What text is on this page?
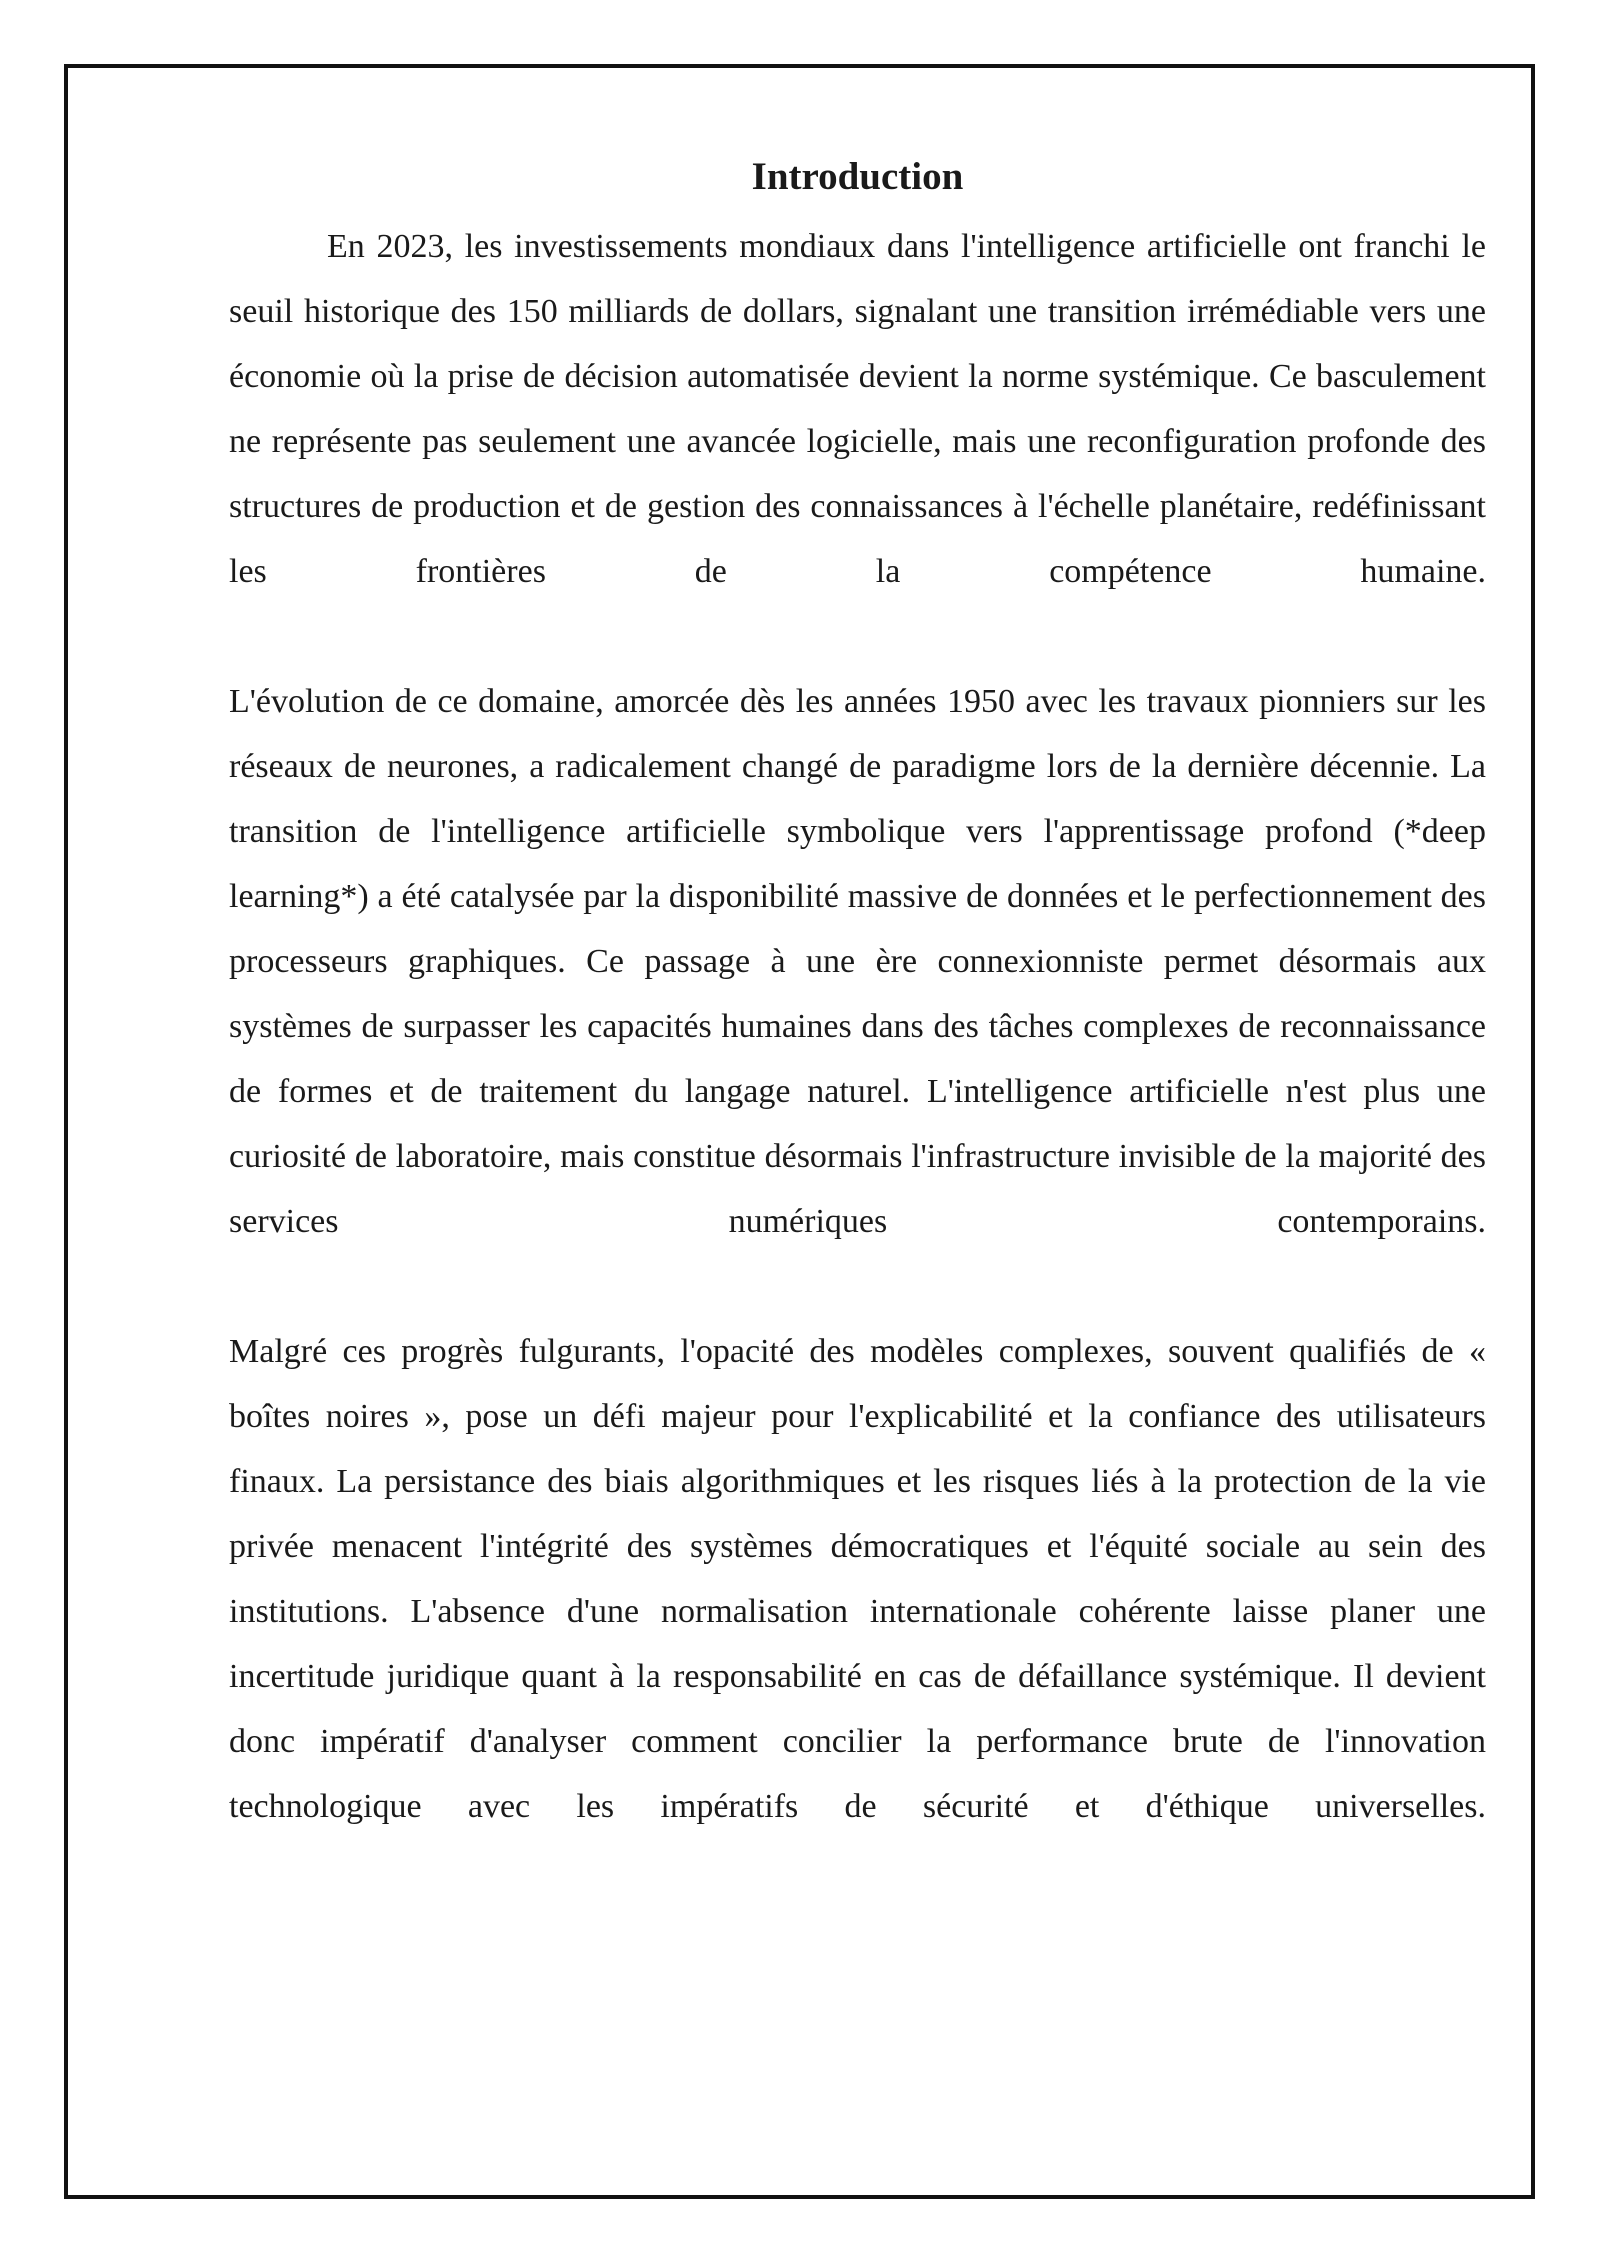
Introduction

En 2023, les investissements mondiaux dans l'intelligence artificielle ont franchi le seuil historique des 150 milliards de dollars, signalant une transition irrémédiable vers une économie où la prise de décision automatisée devient la norme systémique. Ce basculement ne représente pas seulement une avancée logicielle, mais une reconfiguration profonde des structures de production et de gestion des connaissances à l'échelle planétaire, redéfinissant les frontières de la compétence humaine.

L'évolution de ce domaine, amorcée dès les années 1950 avec les travaux pionniers sur les réseaux de neurones, a radicalement changé de paradigme lors de la dernière décennie. La transition de l'intelligence artificielle symbolique vers l'apprentissage profond (*deep learning*) a été catalysée par la disponibilité massive de données et le perfectionnement des processeurs graphiques. Ce passage à une ère connexionniste permet désormais aux systèmes de surpasser les capacités humaines dans des tâches complexes de reconnaissance de formes et de traitement du langage naturel. L'intelligence artificielle n'est plus une curiosité de laboratoire, mais constitue désormais l'infrastructure invisible de la majorité des services numériques contemporains.

Malgré ces progrès fulgurants, l'opacité des modèles complexes, souvent qualifiés de « boîtes noires », pose un défi majeur pour l'explicabilité et la confiance des utilisateurs finaux. La persistance des biais algorithmiques et les risques liés à la protection de la vie privée menacent l'intégrité des systèmes démocratiques et l'équité sociale au sein des institutions. L'absence d'une normalisation internationale cohérente laisse planer une incertitude juridique quant à la responsabilité en cas de défaillance systémique. Il devient donc impératif d'analyser comment concilier la performance brute de l'innovation technologique avec les impératifs de sécurité et d'éthique universelles.
